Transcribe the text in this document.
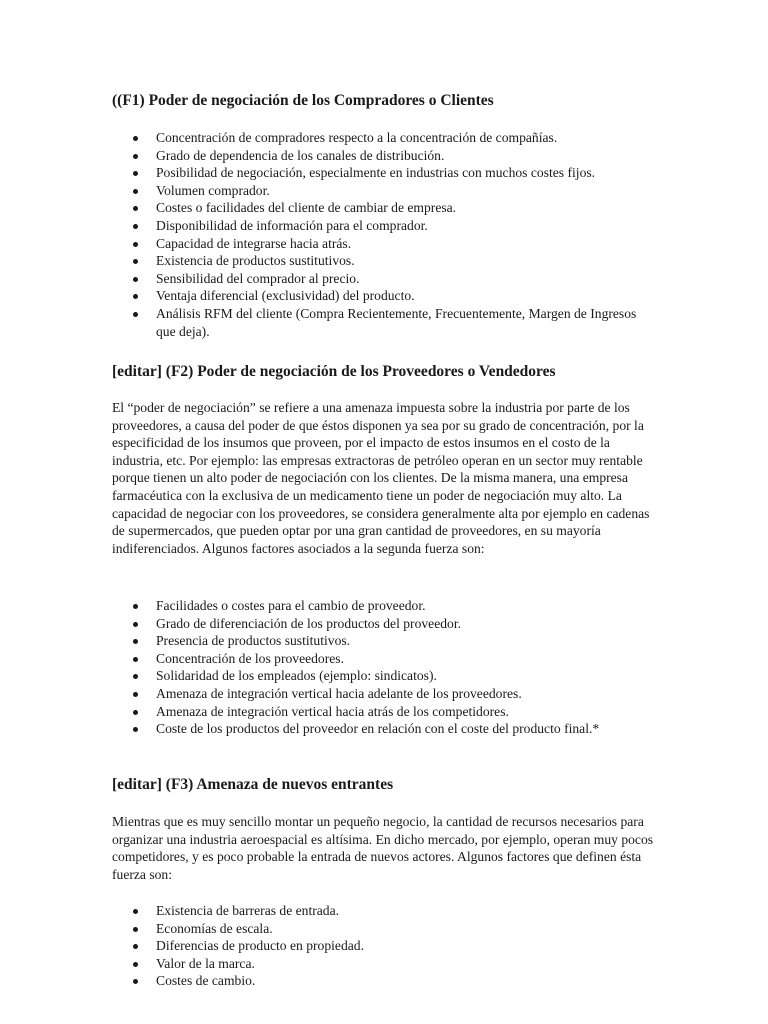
((F1) Poder de negociación de los Compradores o Clientes
Concentración de compradores respecto a la concentración de compañías.
Grado de dependencia de los canales de distribución.
Posibilidad de negociación, especialmente en industrias con muchos costes fijos.
Volumen comprador.
Costes o facilidades del cliente de cambiar de empresa.
Disponibilidad de información para el comprador.
Capacidad de integrarse hacia atrás.
Existencia de productos sustitutivos.
Sensibilidad del comprador al precio.
Ventaja diferencial (exclusividad) del producto.
Análisis RFM del cliente (Compra Recientemente, Frecuentemente, Margen de Ingresos que deja).
[editar] (F2) Poder de negociación de los Proveedores o Vendedores

El “poder de negociación” se refiere a una amenaza impuesta sobre la industria por parte de los proveedores, a causa del poder de que éstos disponen ya sea por su grado de concentración, por la especificidad de los insumos que proveen, por el impacto de estos insumos en el costo de la industria, etc. Por ejemplo: las empresas extractoras de petróleo operan en un sector muy rentable porque tienen un alto poder de negociación con los clientes. De la misma manera, una empresa farmacéutica con la exclusiva de un medicamento tiene un poder de negociación muy alto. La capacidad de negociar con los proveedores, se considera generalmente alta por ejemplo en cadenas de supermercados, que pueden optar por una gran cantidad de proveedores, en su mayoría indiferenciados. Algunos factores asociados a la segunda fuerza son:

Facilidades o costes para el cambio de proveedor.
Grado de diferenciación de los productos del proveedor.
Presencia de productos sustitutivos.
Concentración de los proveedores.
Solidaridad de los empleados (ejemplo: sindicatos).
Amenaza de integración vertical hacia adelante de los proveedores.
Amenaza de integración vertical hacia atrás de los competidores.
Coste de los productos del proveedor en relación con el coste del producto final.*
[editar] (F3) Amenaza de nuevos entrantes

Mientras que es muy sencillo montar un pequeño negocio, la cantidad de recursos necesarios para organizar una industria aeroespacial es altísima. En dicho mercado, por ejemplo, operan muy pocos competidores, y es poco probable la entrada de nuevos actores. Algunos factores que definen ésta fuerza son:

Existencia de barreras de entrada.
Economías de escala.
Diferencias de producto en propiedad.
Valor de la marca.
Costes de cambio.
